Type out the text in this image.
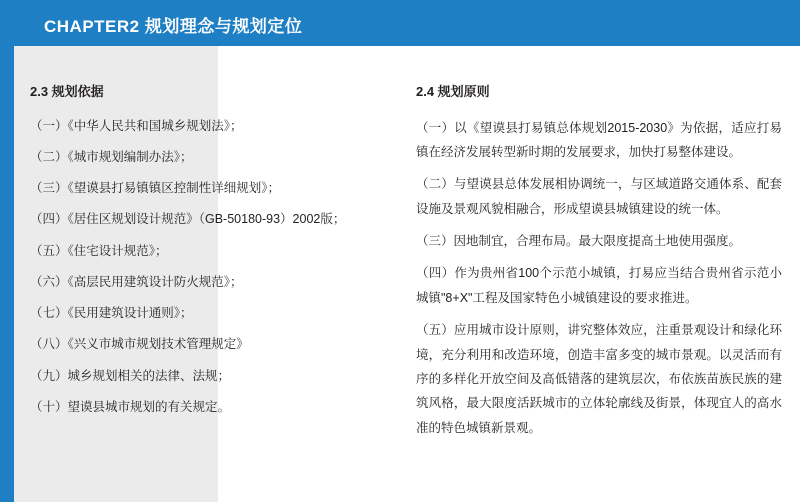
CHAPTER2 规划理念与规划定位
2.3 规划依据

（一）《中华人民共和国城乡规划法》；

（二）《城市规划编制办法》；

（三）《望谟县打易镇镇区控制性详细规划》；

（四）《居住区规划设计规范》（GB-50180-93）2002版；

（五）《住宅设计规范》；

（六）《高层民用建筑设计防火规范》；

（七）《民用建筑设计通则》；

（八）《兴义市城市规划技术管理规定》

（九）城乡规划相关的法律、法规；

（十）望谟县城市规划的有关规定。

2.4 规划原则

（一）以《望谟县打易镇总体规划2015-2030》为依据，适应打易镇在经济发展转型新时期的发展要求，加快打易整体建设。

（二）与望谟县总体发展相协调统一，与区域道路交通体系、配套设施及景观风貌相融合，形成望谟县城镇建设的统一体。

（三）因地制宜，合理布局。最大限度提高土地使用强度。

（四）作为贵州省100个示范小城镇，打易应当结合贵州省示范小城镇"8+X"工程及国家特色小城镇建设的要求推进。

（五）应用城市设计原则，讲究整体效应，注重景观设计和绿化环境，充分利用和改造环境，创造丰富多变的城市景观。以灵活而有序的多样化开放空间及高低错落的建筑层次，布依族苗族民族的建筑风格，最大限度活跃城市的立体轮廓线及街景，体现宜人的高水准的特色城镇新景观。
